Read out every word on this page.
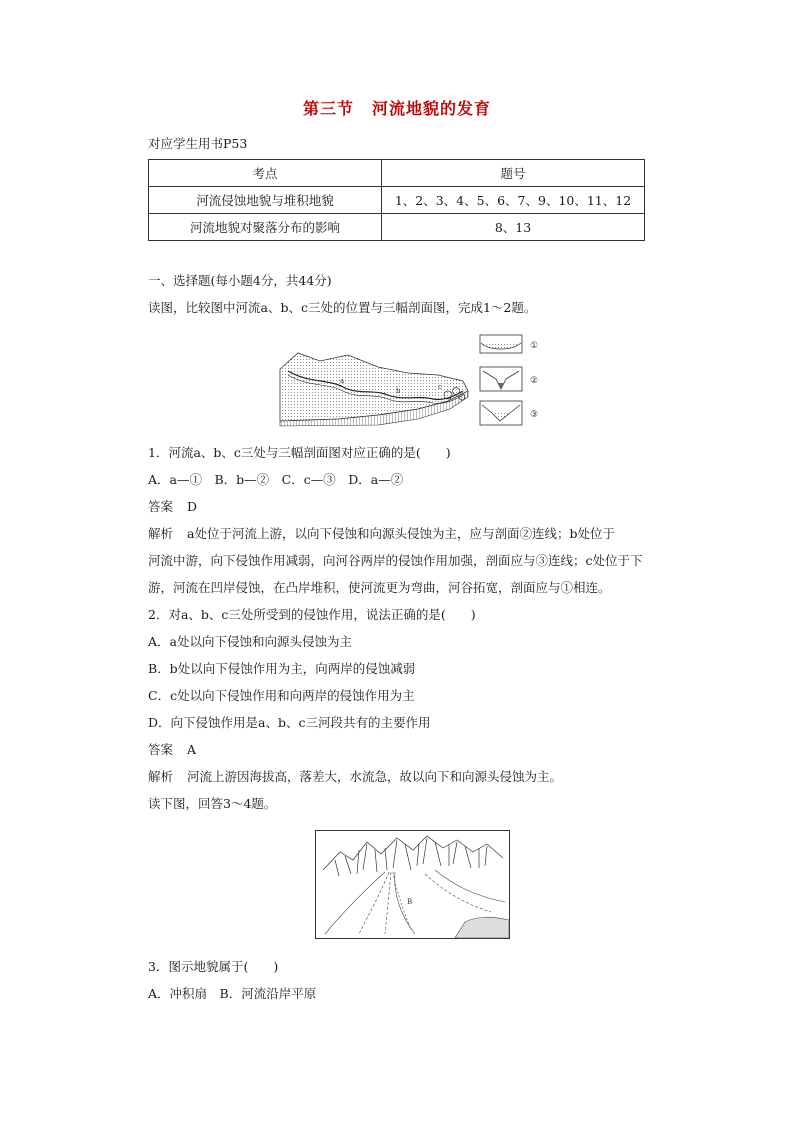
第三节 河流地貌的发育
对应学生用书P53
考点	题号
河流侵蚀地貌与堆积地貌	1、2、3、4、5、6、7、9、10、11、12
河流地貌对聚落分布的影响	8、13
一、选择题(每小题4分，共44分)
读图，比较图中河流a、b、c三处的位置与三幅剖面图，完成1～2题。
a
b	c
①
②
③
1．河流a、b、c三处与三幅剖面图对应正确的是(　　)
A．a—①　B．b—②　C．c—③　D．a—②
答案 D
解析 a处位于河流上游，以向下侵蚀和向源头侵蚀为主，应与剖面②连线；b处位于
河流中游，向下侵蚀作用减弱，向河谷两岸的侵蚀作用加强，剖面应与③连线；c处位于下
游，河流在凹岸侵蚀，在凸岸堆积，使河流更为弯曲，河谷拓宽，剖面应与①相连。
2．对a、b、c三处所受到的侵蚀作用，说法正确的是(　　)
A．a处以向下侵蚀和向源头侵蚀为主
B．b处以向下侵蚀作用为主，向两岸的侵蚀减弱
C．c处以向下侵蚀作用和向两岸的侵蚀作用为主
D．向下侵蚀作用是a、b、c三河段共有的主要作用
答案 A
解析 河流上游因海拔高，落差大，水流急，故以向下和向源头侵蚀为主。
读下图，回答3～4题。
B
3．图示地貌属于(　　)
A．冲积扇　B．河流沿岸平原
